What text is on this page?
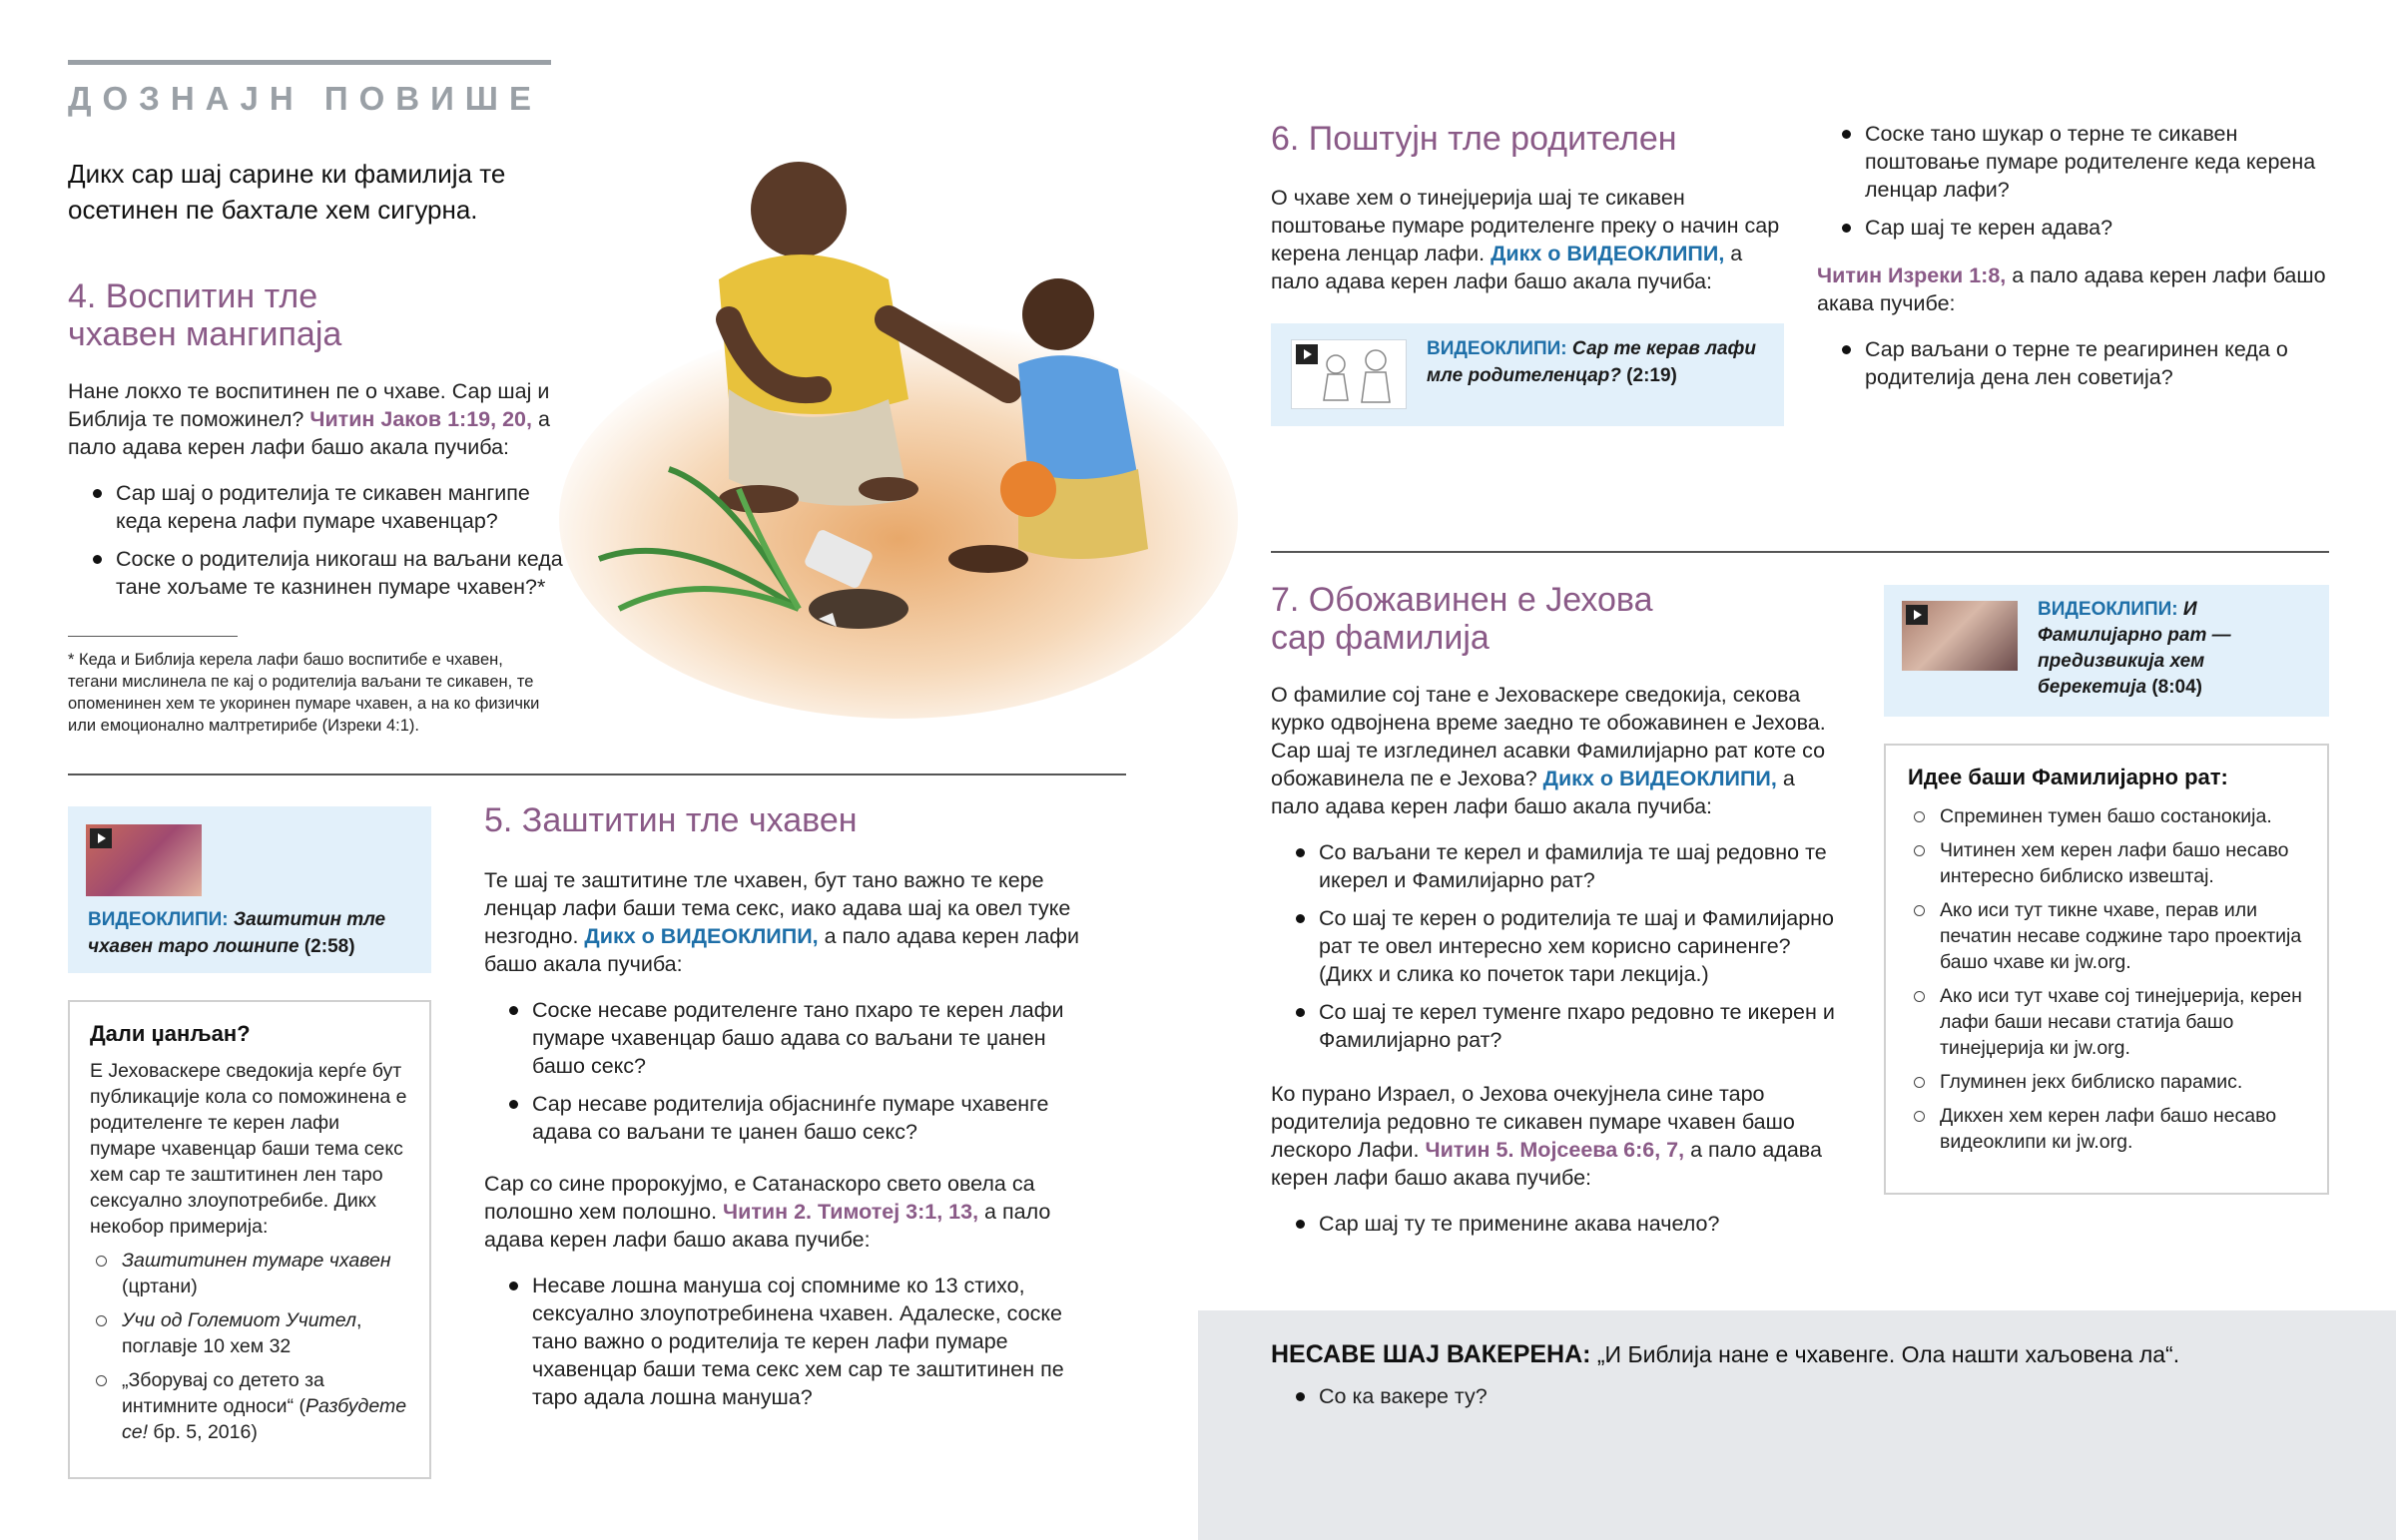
ДОЗНАЈН ПОВИШЕ
Дикх сар шај сарине ки фамилија те осетинен пе бахтале хем сигурна.
4. Воспитин тле
чхавен мангипаја

Нане локхо те воспитинен пе о чхаве. Сар шај и Библија те поможинел? Читин Јаков 1:19, 20, а пало адава керен лафи башо акала пучиба:

Сар шај о родителија те сикавен мангипе кеда керена лафи пумаре чхавенцар?
Соске о родителија никогаш на ваљани кеда тане хољаме те казнинен пумаре чхавен?*
* Кеда и Библија керела лафи башо воспитибе е чхавен, тегани мислинела пе кај о родителија ваљани те сикавен, те опоменинен хем те укоринен пумаре чхавен, а на ко физички или емоционално малтретирибе (Изреки 4:1).
ВИДЕОКЛИПИ: Заштитин тле чхавен таро лошнипе (2:58)
Дали џанљан?
Е Јеховаскере сведокија керѓе бут публикације кола со поможинена е родителенге те керен лафи пумаре чхавенцар баши тема секс хем сар те заштитинен лен таро сексуално злоупотребибе. Дикх некобор примерија:
Заштитинен тумаре чхавен (цртани)
Учи од Големиот Учител, поглавје 10 хем 32
„Зборувај со детето за интимните односи“ (Разбудете се! бр. 5, 2016)
5. Заштитин тле чхавен

Те шај те заштитине тле чхавен, бут тано важно те кере ленцар лафи баши тема секс, иако адава шај ка овел туке незгодно. Дикх о ВИДЕОКЛИПИ, а пало адава керен лафи башо акала пучиба:

Соске несаве родителенге тано пхаро те керен лафи пумаре чхавенцар башо адава со ваљани те џанен башо секс?
Сар несаве родителија објаснинѓе пумаре чхавенге адава со ваљани те џанен башо секс?

Сар со сине пророкујмо, е Сатанаскоро свето овела са полошно хем полошно. Читин 2. Тимотеј 3:1, 13, а пало адава керен лафи башо акава пучибе:

Несаве лошна мануша сој спомниме ко 13 стихо, сексуално злоупотребинена чхавен. Адалеске, соске тано важно о родителија те керен лафи пумаре чхавенцар баши тема секс хем сар те заштитинен пе таро адала лошна мануша?
6. Поштујн тле родителен

О чхаве хем о тинејџерија шај те сикавен поштовање пумаре родителенге преку о начин сар керена ленцар лафи. Дикх о ВИДЕОКЛИПИ, а пало адава керен лафи башо акала пучиба:

ВИДЕОКЛИПИ: Сар те керав лафи мле родителенцар? (2:19)
Соске тано шукар о терне те сикавен поштовање пумаре родителенге кеда керена ленцар лафи?
Сар шај те керен адава?

Читин Изреки 1:8, а пало адава керен лафи башо акава пучибе:

Сар ваљани о терне те реагиринен кеда о родителија дена лен советија?
7. Обожавинен е Јехова
сар фамилија

О фамилие сој тане е Јеховаскере сведокија, секова курко одвојнена време заедно те обожавинен е Јехова. Сар шај те изглединел асавки Фамилијарно рат коте со обожавинела пе е Јехова? Дикх о ВИДЕОКЛИПИ, а пало адава керен лафи башо акала пучиба:

Со ваљани те керел и фамилија те шај редовно те икерел и Фамилијарно рат?
Со шај те керен о родителија те шај и Фамилијарно рат те овел интересно хем корисно сариненге? (Дикх и слика ко почеток тари лекција.)
Со шај те керел туменге пхаро редовно те икерен и Фамилијарно рат?

Ко пурано Израел, о Јехова очекујнела сине таро родителија редовно те сикавен пумаре чхавен башо лескоро Лафи. Читин 5. Мојсеева 6:6, 7, а пало адава керен лафи башо акава пучибе:

Сар шај ту те применине акава начело?
ВИДЕОКЛИПИ: И Фамилијарно рат — предизвикија хем берекетија (8:04)
Идее баши Фамилијарно рат:
Спреминен тумен башо состанокија.
Читинен хем керен лафи башо несаво интересно библиско извештај.
Ако иси тут тикне чхаве, перав или печатин несаве соджине таро проектија башо чхаве ки jw.org.
Ако иси тут чхаве сој тинејџерија, керен лафи баши несави статија башо тинејџерија ки jw.org.
Глуминен јекх библиско парамис.
Дикхен хем керен лафи башо несаво видеоклипи ки jw.org.
НЕСАВЕ ШАЈ ВАКЕРЕНА: „И Библија нане е чхавенге. Ола нашти хаљовена ла“.
Со ка вакере ту?
